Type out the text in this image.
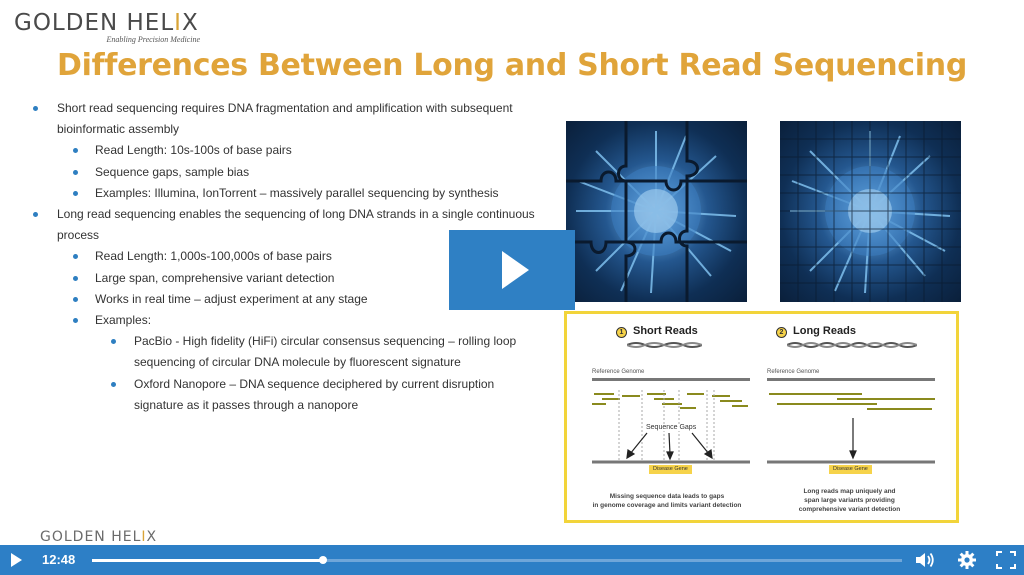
GOLDEN HELIX
Enabling Precision Medicine
Differences Between Long and Short Read Sequencing
Short read sequencing requires DNA fragmentation and amplification with subsequent bioinformatic assembly
Read Length: 10s-100s of base pairs
Sequence gaps, sample bias
Examples: Illumina, IonTorrent – massively parallel sequencing by synthesis
Long read sequencing enables the sequencing of long DNA strands in a single continuous process
Read Length: 1,000s-100,000s of base pairs
Large span, comprehensive variant detection
Works in real time – adjust experiment at any stage
Examples:
PacBio - High fidelity (HiFi) circular consensus sequencing – rolling loop sequencing of circular DNA molecule by fluorescent signature
Oxford Nanopore – DNA sequence deciphered by current disruption signature as it passes through a nanopore
1 Short Reads
Reference Genome
Sequence Gaps
Disease Gene
Missing sequence data leads to gaps
in genome coverage and limits variant detection
2 Long Reads
Reference Genome
Disease Gene
Long reads map uniquely and
span large variants providing
comprehensive variant detection
GOLDEN HELIX
12:48
